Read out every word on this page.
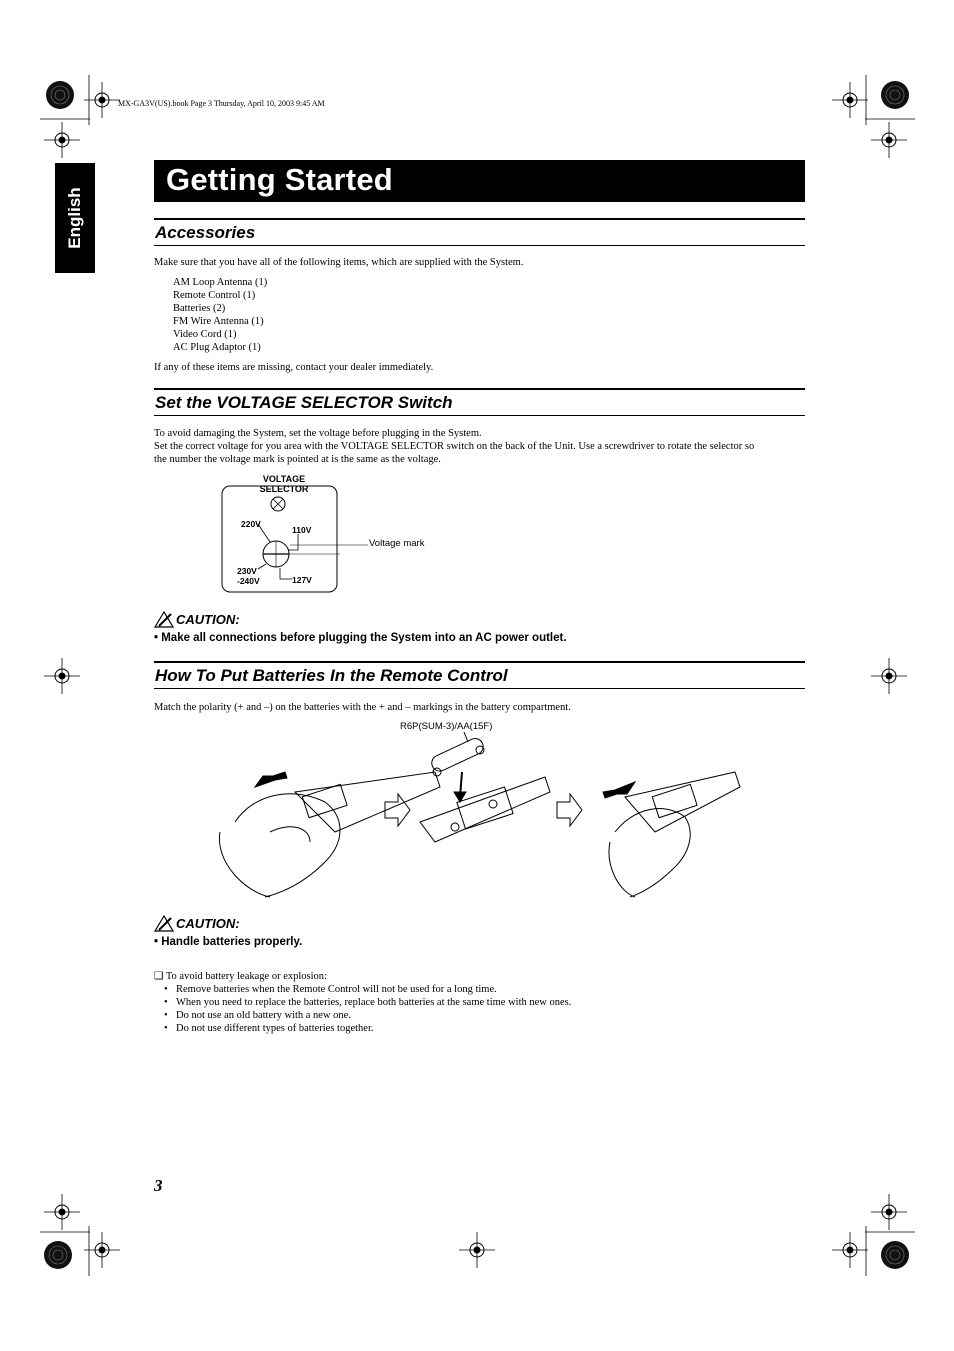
MX-GA3V(US).book Page 3 Thursday, April 10, 2003 9:45 AM
English
Getting Started
Accessories
Make sure that you have all of the following items, which are supplied with the System.
AM Loop Antenna (1)
Remote Control (1)
Batteries (2)
FM Wire Antenna (1)
Video Cord (1)
AC Plug Adaptor (1)
If any of these items are missing, contact your dealer immediately.
Set the VOLTAGE SELECTOR Switch
To avoid damaging the System, set the voltage before plugging in the System.
Set the correct voltage for you area with the VOLTAGE SELECTOR switch on the back of the Unit. Use a screwdriver to rotate the selector so
the number the voltage mark is pointed at is the same as the voltage.
VOLTAGE
SELECTOR
220V
110V
230V
-240V	127V
Voltage mark
CAUTION:
• Make all connections before plugging the System into an AC power outlet.
How To Put Batteries In the Remote Control
Match the polarity (+ and –) on the batteries with the + and – markings in the battery compartment.
R6P(SUM-3)/AA(15F)
CAUTION:
• Handle batteries properly.
❏ To avoid battery leakage or explosion:
• Remove batteries when the Remote Control will not be used for a long time.
• When you need to replace the batteries, replace both batteries at the same time with new ones.
• Do not use an old battery with a new one.
• Do not use different types of batteries together.
3
